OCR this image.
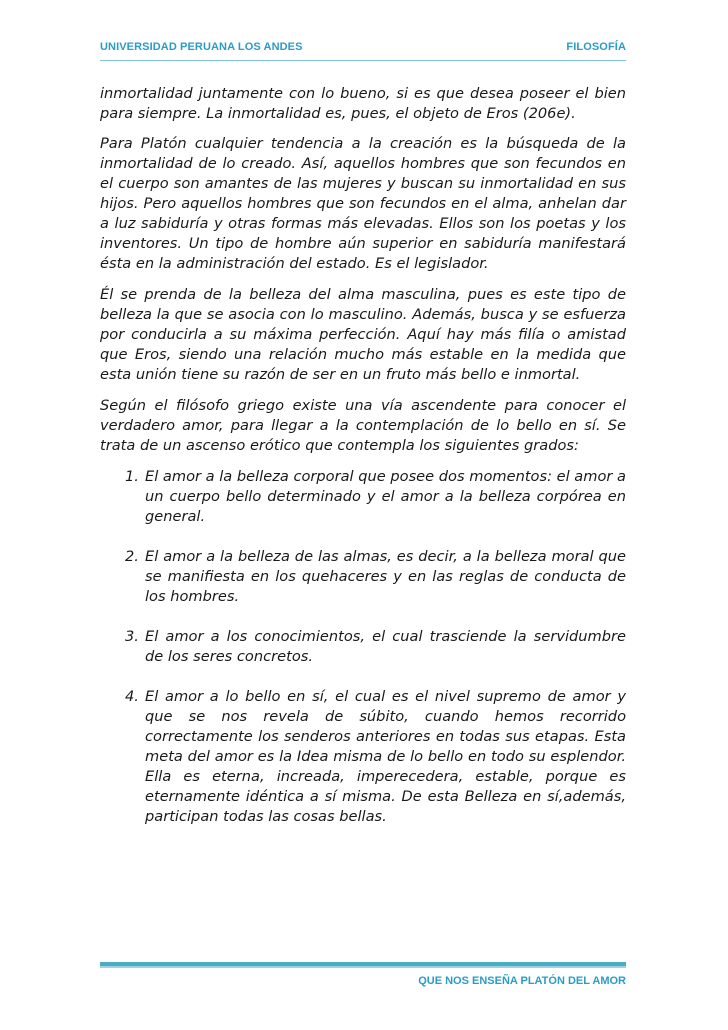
UNIVERSIDAD PERUANA LOS ANDES	FILOSOFÍA

inmortalidad juntamente con lo bueno, si es que desea poseer el bien para siempre. La inmortalidad es, pues, el objeto de Eros (206e).

Para Platón cualquier tendencia a la creación es la búsqueda de la inmortalidad de lo creado. Así, aquellos hombres que son fecundos en el cuerpo son amantes de las mujeres y buscan su inmortalidad en sus hijos. Pero aquellos hombres que son fecundos en el alma, anhelan dar a luz sabiduría y otras formas más elevadas. Ellos son los poetas y los inventores. Un tipo de hombre aún superior en sabiduría manifestará ésta en la administración del estado. Es el legislador.

Él se prenda de la belleza del alma masculina, pues es este tipo de belleza la que se asocia con lo masculino. Además, busca y se esfuerza por conducirla a su máxima perfección. Aquí hay más filía o amistad que Eros, siendo una relación mucho más estable en la medida que esta unión tiene su razón de ser en un fruto más bello e inmortal.

Según el filósofo griego existe una vía ascendente para conocer el verdadero amor, para llegar a la contemplación de lo bello en sí. Se trata de un ascenso erótico que contempla los siguientes grados:

1. El amor a la belleza corporal que posee dos momentos: el amor a un cuerpo bello determinado y el amor a la belleza corpórea en general.
2. El amor a la belleza de las almas, es decir, a la belleza moral que se manifiesta en los quehaceres y en las reglas de conducta de los hombres.
3. El amor a los conocimientos, el cual trasciende la servidumbre de los seres concretos.
4. El amor a lo bello en sí, el cual es el nivel supremo de amor y que se nos revela de súbito, cuando hemos recorrido correctamente los senderos anteriores en todas sus etapas. Esta meta del amor es la Idea misma de lo bello en todo su esplendor. Ella es eterna, increada, imperecedera, estable, porque es eternamente idéntica a sí misma. De esta Belleza en sí,además, participan todas las cosas bellas.
QUE NOS ENSEÑA PLATÓN DEL AMOR
